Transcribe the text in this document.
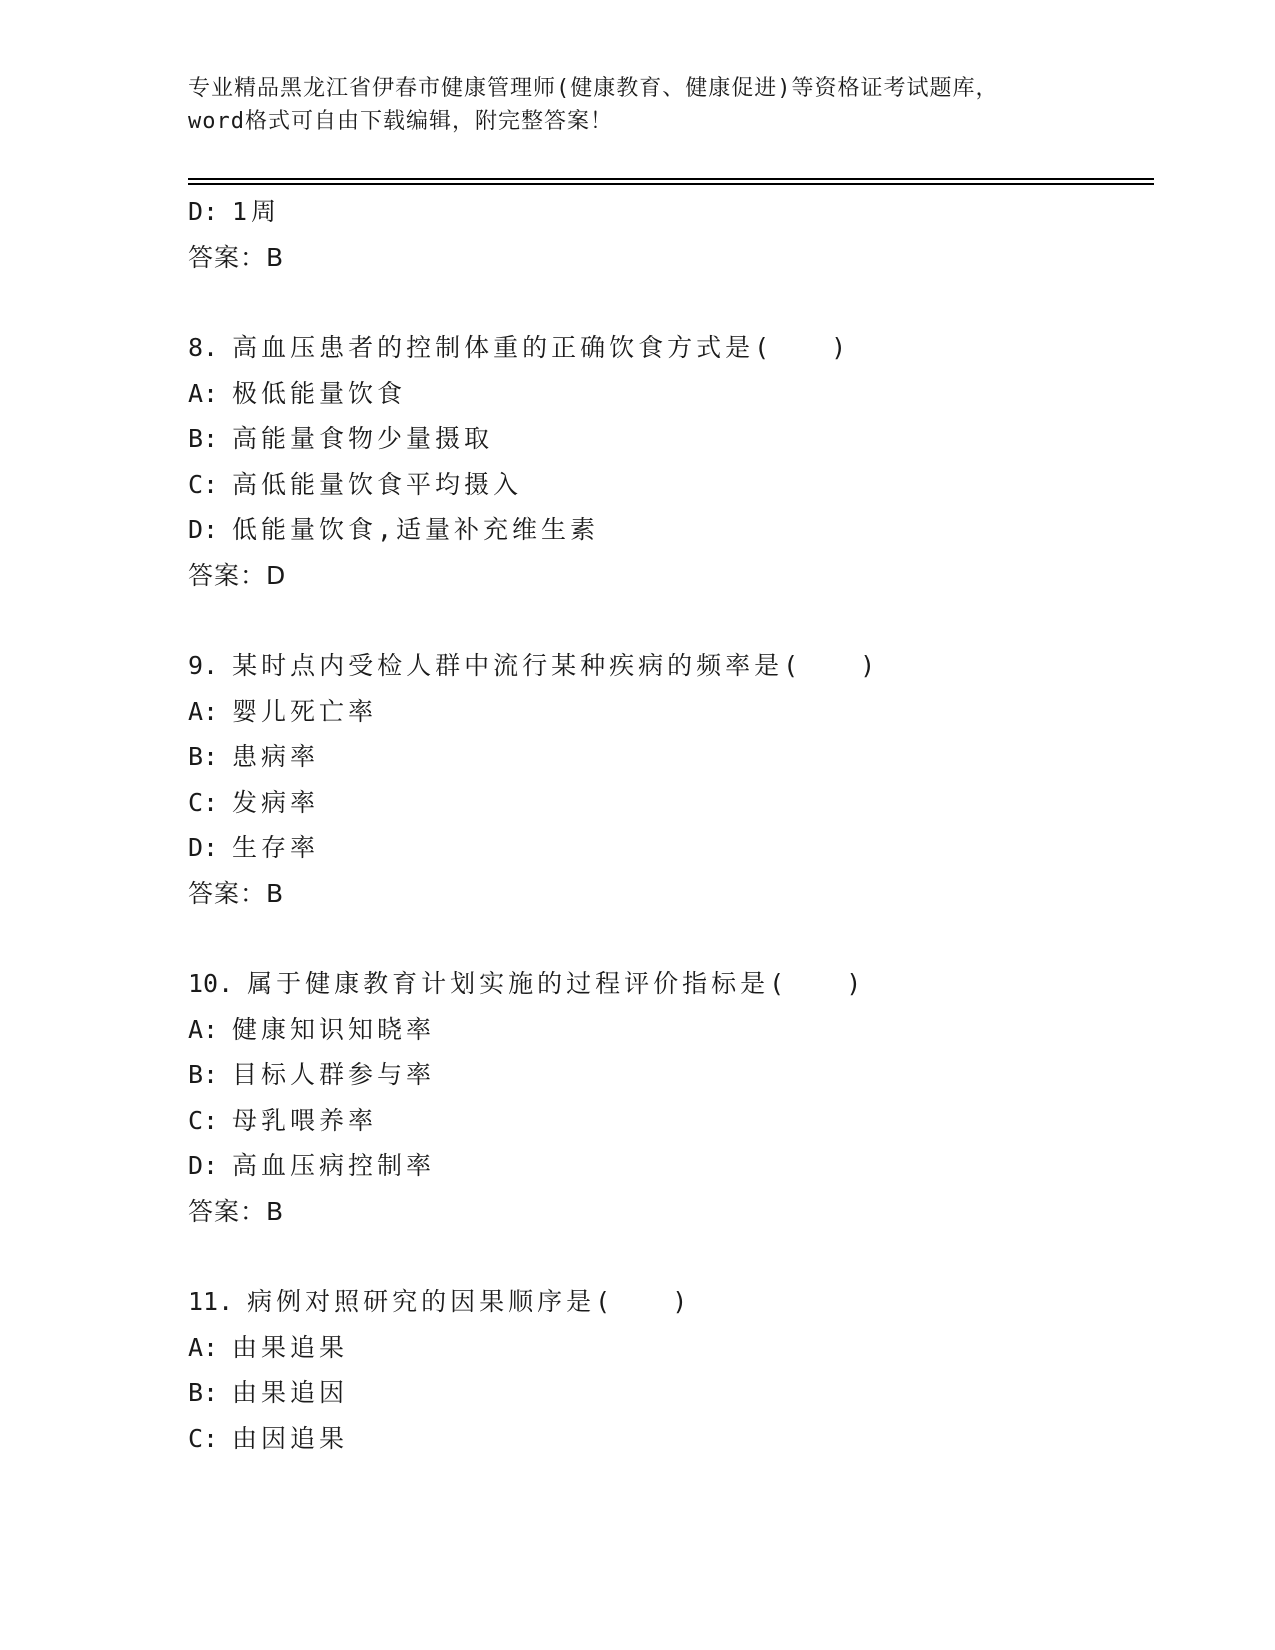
专业精品黑龙江省伊春市健康管理师(健康教育、健康促进)等资格证考试题库，
word格式可自由下载编辑，附完整答案！
D: 1周
答案：B
8. 高血压患者的控制体重的正确饮食方式是(　　)
A: 极低能量饮食
B: 高能量食物少量摄取
C: 高低能量饮食平均摄入
D: 低能量饮食,适量补充维生素
答案：D
9. 某时点内受检人群中流行某种疾病的频率是(　　)
A: 婴儿死亡率
B: 患病率
C: 发病率
D: 生存率
答案：B
10. 属于健康教育计划实施的过程评价指标是(　　)
A: 健康知识知晓率
B: 目标人群参与率
C: 母乳喂养率
D: 高血压病控制率
答案：B
11. 病例对照研究的因果顺序是(　　)
A: 由果追果
B: 由果追因
C: 由因追果
